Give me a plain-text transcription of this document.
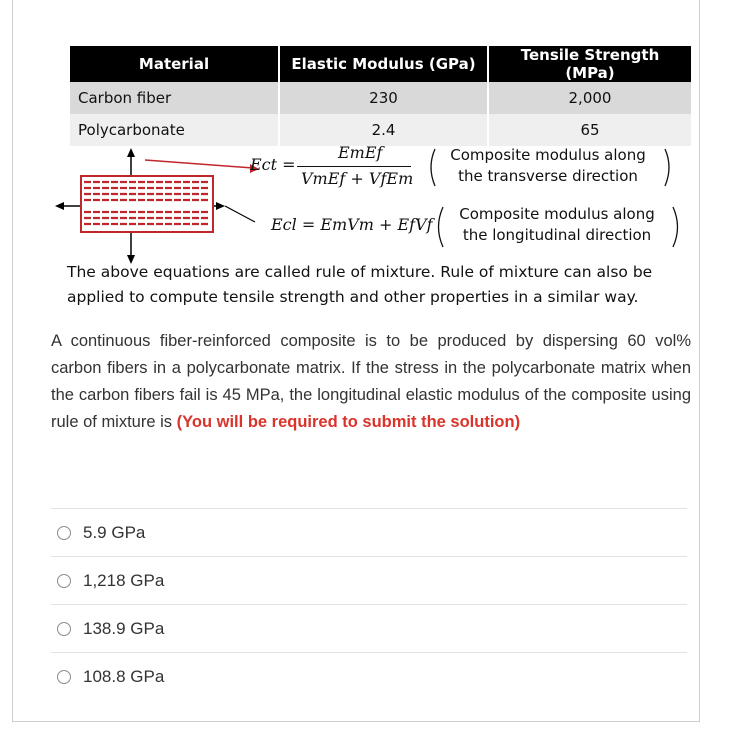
Material	Elastic Modulus (GPa)	Tensile Strength (MPa)
Carbon fiber	230	2,000
Polycarbonate	2.4	65
Ect =
EmEf
VmEf + VfEm
Composite modulus along
the transverse direction
Ecl = EmVm + EfVf
Composite modulus along
the longitudinal direction
The above equations are called rule of mixture. Rule of mixture can also be
applied to compute tensile strength and other properties in a similar way.
A continuous fiber-reinforced composite is to be produced by dispersing 60 vol% carbon fibers in a polycarbonate matrix. If the stress in the polycarbonate matrix when the carbon fibers fail is 45 MPa, the longitudinal elastic modulus of the composite using rule of mixture is (You will be required to submit the solution)
5.9 GPa
1,218 GPa
138.9 GPa
108.8 GPa
